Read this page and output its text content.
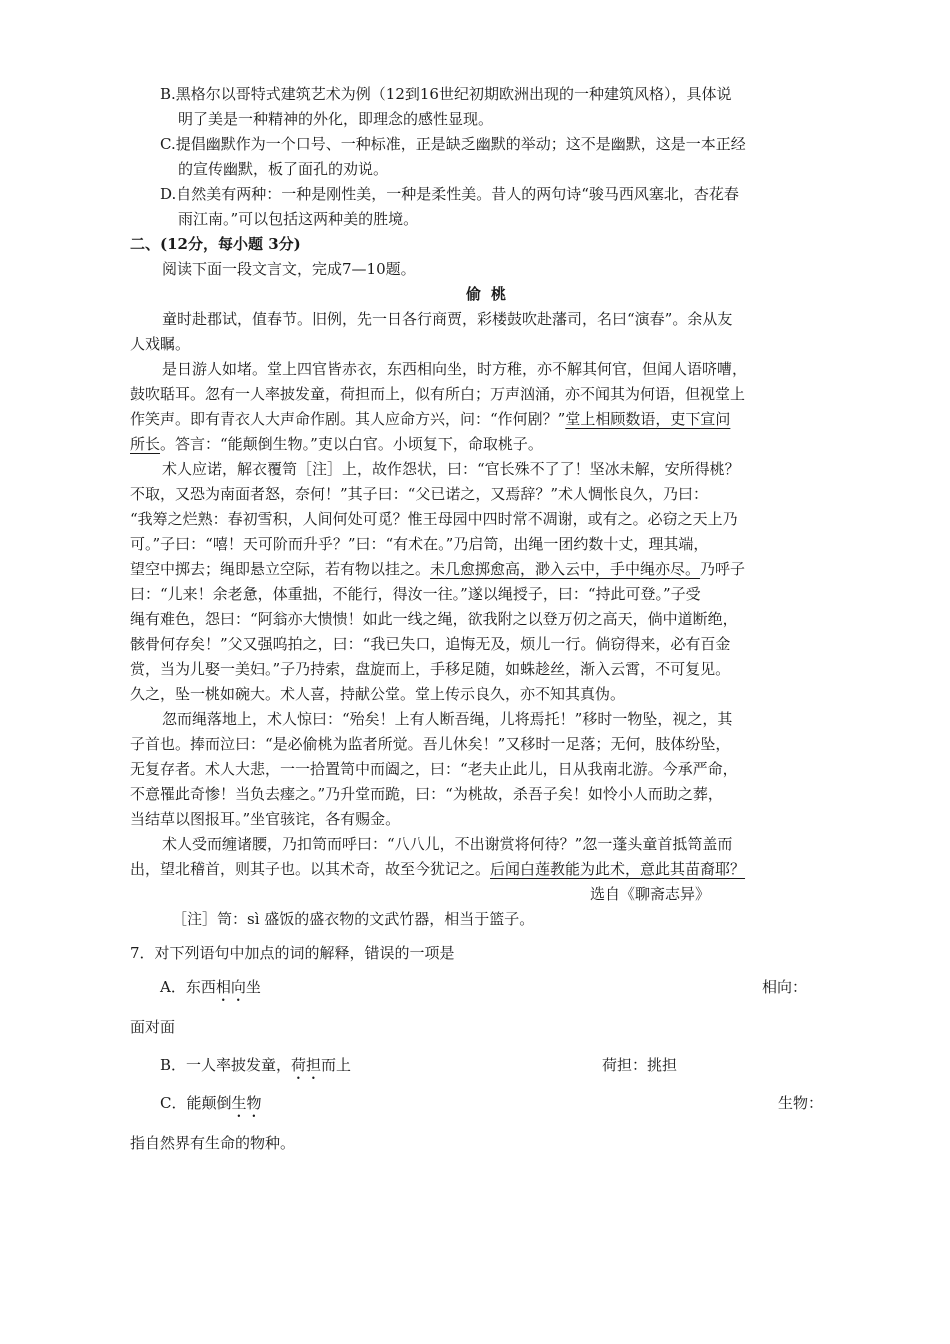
B.黑格尔以哥特式建筑艺术为例（12到16世纪初期欧洲出现的一种建筑风格），具体说
明了美是一种精神的外化，即理念的感性显现。
C.提倡幽默作为一个口号、一种标准，正是缺乏幽默的举动；这不是幽默，这是一本正经
的宣传幽默，板了面孔的劝说。
D.自然美有两种：一种是刚性美，一种是柔性美。昔人的两句诗“骏马西风塞北，杏花春
雨江南。”可以包括这两种美的胜境。
二、(12分，每小题 3分)
阅读下面一段文言文，完成7—10题。
偷桃
童时赴郡试，值春节。旧例，先一日各行商贾，彩楼鼓吹赴藩司，名曰“演春”。余从友
人戏瞩。
是日游人如堵。堂上四官皆赤衣，东西相向坐，时方稚，亦不解其何官，但闻人语哜嘈，
鼓吹聒耳。忽有一人率披发童，荷担而上，似有所白；万声汹涌，亦不闻其为何语，但视堂上
作笑声。即有青衣人大声命作剧。其人应命方兴，问：“作何剧？”堂上相顾数语，吏下宣问
所长。答言：“能颠倒生物。”吏以白官。小顷复下，命取桃子。
术人应诺，解衣覆笥［注］上，故作怨状，曰：“官长殊不了了！坚冰未解，安所得桃？
不取，又恐为南面者怒，奈何！”其子曰：“父已诺之，又焉辞？”术人惆怅良久，乃曰：
“我筹之烂熟：春初雪积，人间何处可觅？惟王母园中四时常不凋谢，或有之。必窃之天上乃
可。”子曰：“嘻！天可阶而升乎？”曰：“有术在。”乃启笥，出绳一团约数十丈，理其端，
望空中掷去；绳即悬立空际，若有物以挂之。未几愈掷愈高，渺入云中，手中绳亦尽。乃呼子
曰：“儿来！余老惫，体重拙，不能行，得汝一往。”遂以绳授子，曰：“持此可登。”子受
绳有难色，怨曰：“阿翁亦大愦愦！如此一线之绳，欲我附之以登万仞之高天，倘中道断绝，
骸骨何存矣！”父又强呜拍之，曰：“我已失口，追悔无及，烦儿一行。倘窃得来，必有百金
赏，当为儿娶一美妇。”子乃持索，盘旋而上，手移足随，如蛛趁丝，渐入云霄，不可复见。
久之，坠一桃如碗大。术人喜，持献公堂。堂上传示良久，亦不知其真伪。
忽而绳落地上，术人惊曰：“殆矣！上有人断吾绳，儿将焉托！”移时一物坠，视之，其
子首也。捧而泣曰：“是必偷桃为监者所觉。吾儿休矣！”又移时一足落；无何，肢体纷坠，
无复存者。术人大悲，一一拾置笥中而阖之，曰：“老夫止此儿，日从我南北游。今承严命，
不意罹此奇惨！当负去瘗之。”乃升堂而跪，曰：“为桃故，杀吾子矣！如怜小人而助之葬，
当结草以图报耳。”坐官骇诧，各有赐金。
术人受而缠诸腰，乃扣笥而呼曰：“八八儿，不出谢赏将何待？”忽一蓬头童首抵笥盖而
出，望北稽首，则其子也。以其术奇，故至今犹记之。后闻白莲教能为此术，意此其苗裔耶？
选自《聊斋志异》
［注］笥：sì 盛饭的盛衣物的文武竹器，相当于篮子。
7．对下列语句中加点的词的解释，错误的一项是
A．东西相向坐	相向：
面对面
B．一人率披发童，荷担而上	荷担：挑担
C．能颠倒生物	生物：
指自然界有生命的物种。
